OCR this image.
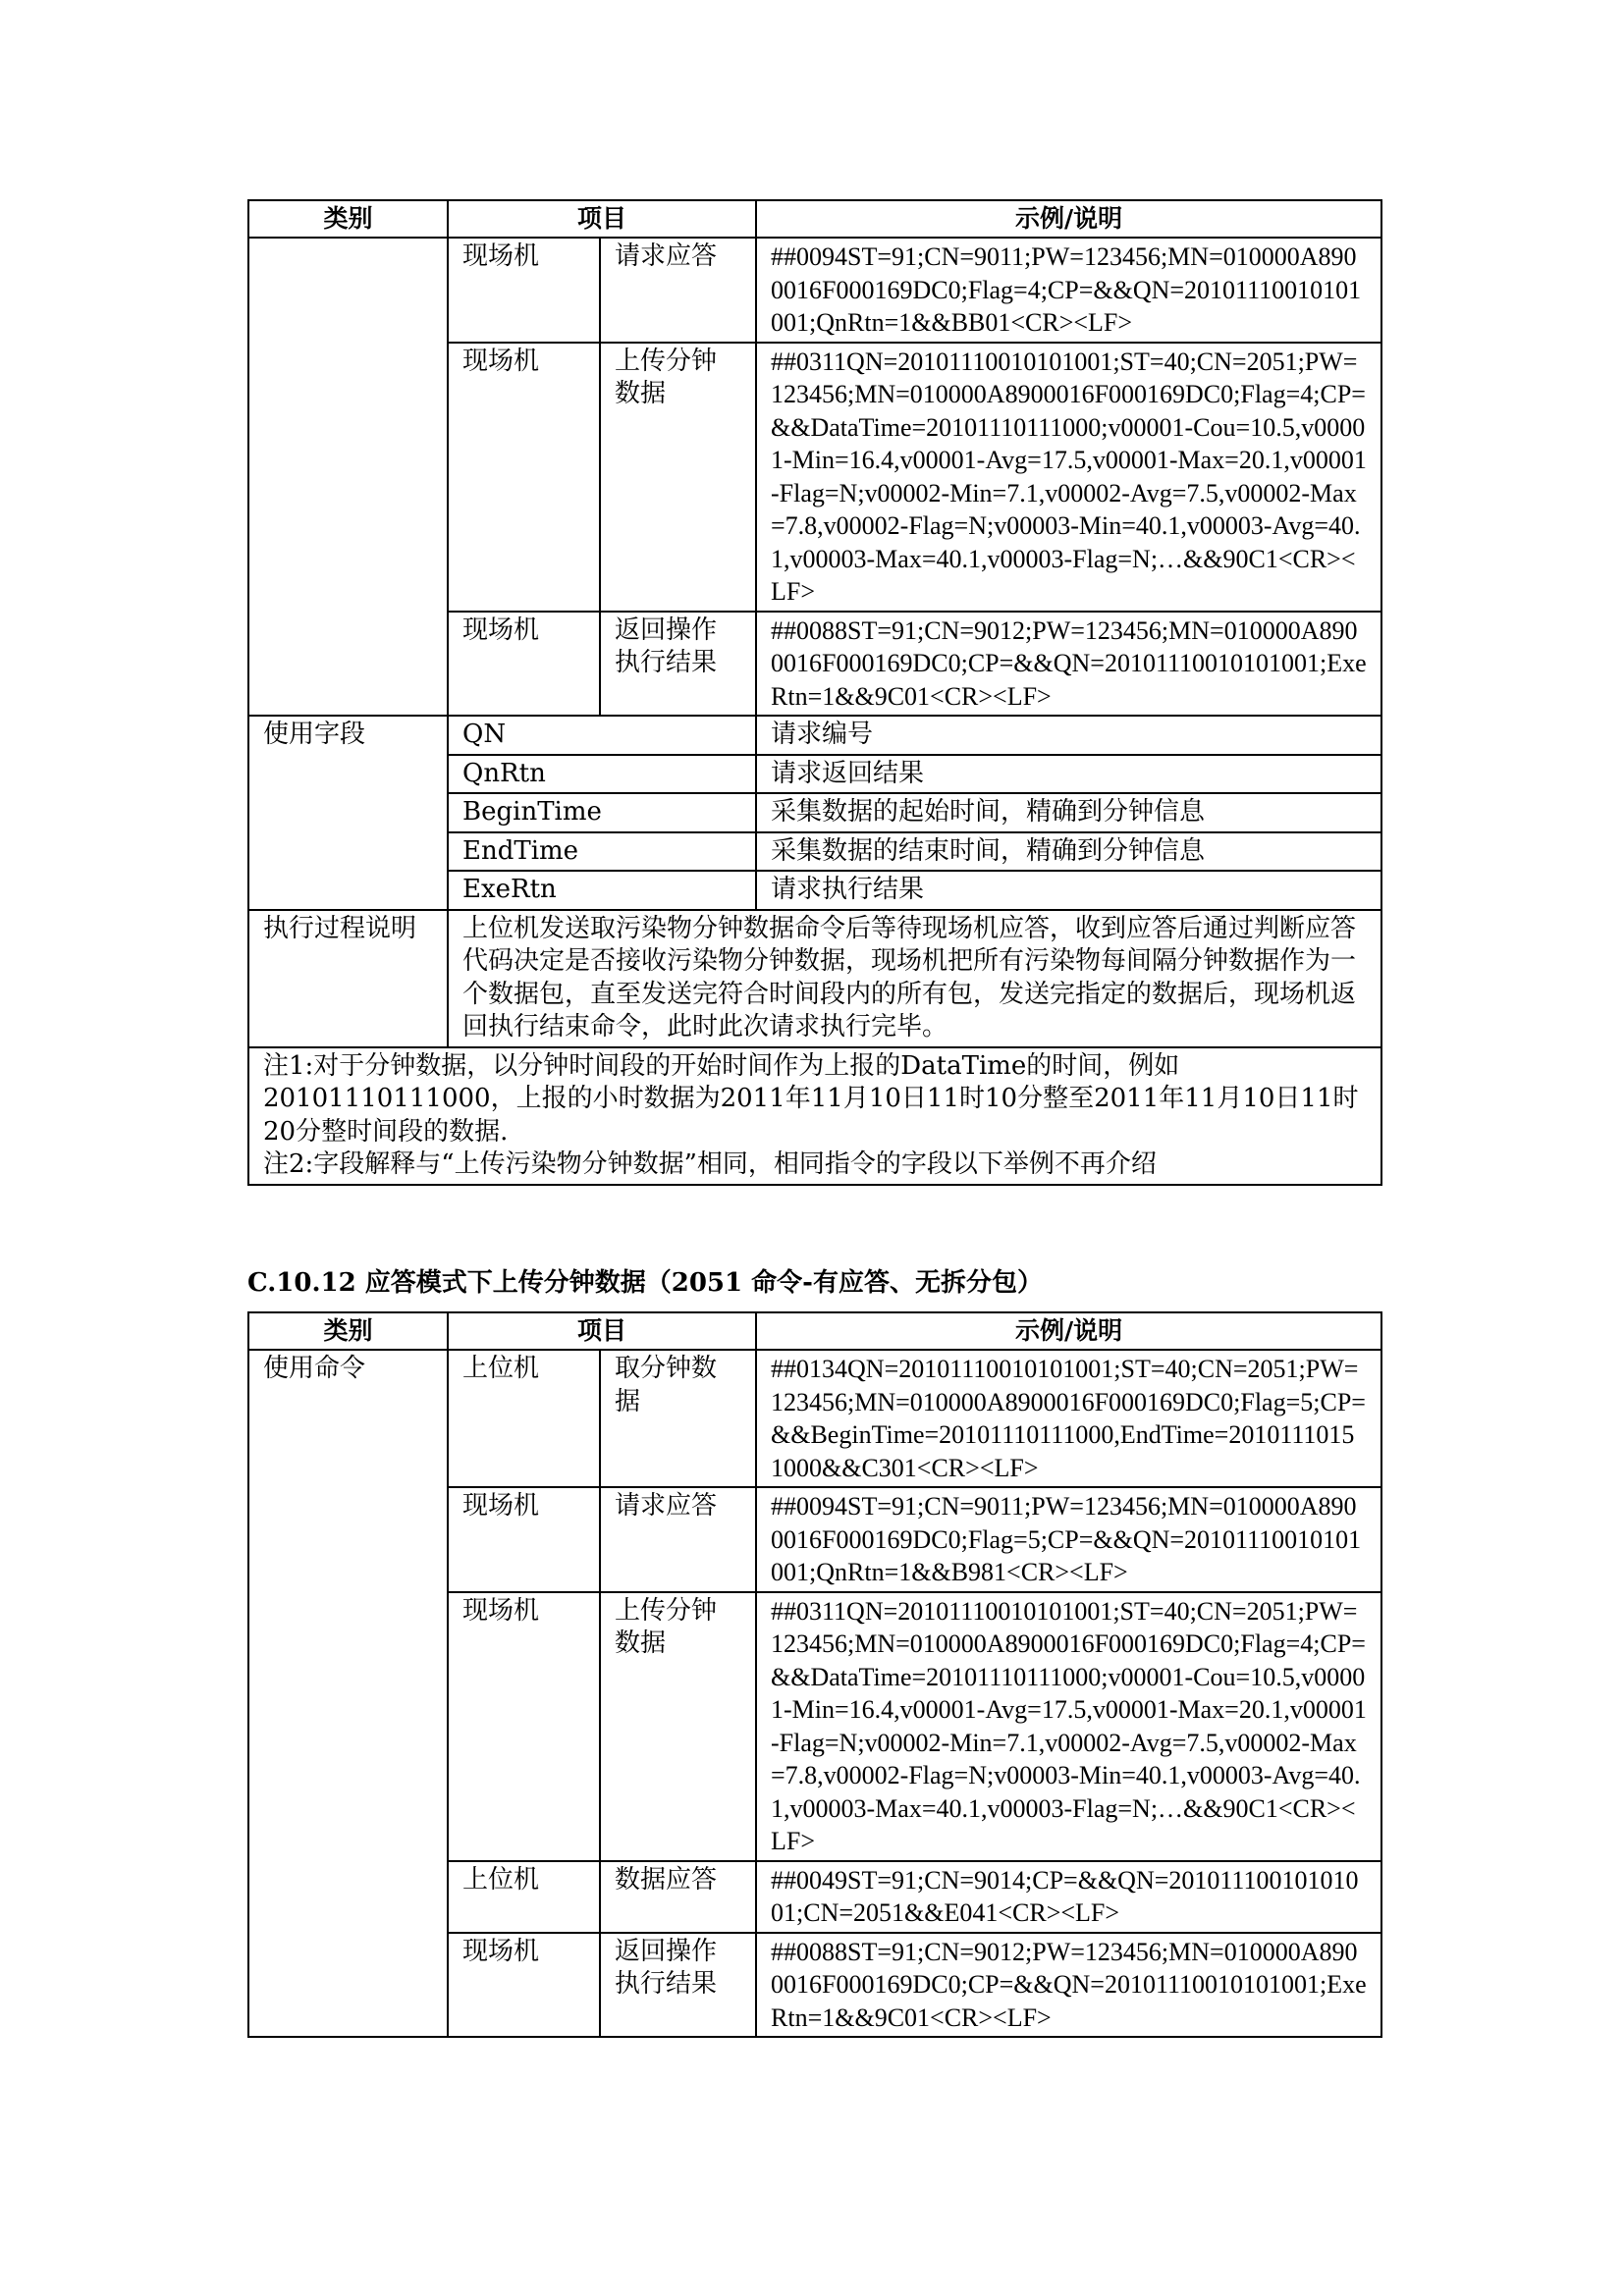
类别	项目		示例/说明
	现场机	请求应答	##0094ST=91;CN=9011;PW=123456;MN=010000A8900016F000169DC0;Flag=4;CP=&&QN=20101110010101001;QnRtn=1&&BB01<CR><LF>
	现场机	上传分钟数据	##0311QN=20101110010101001;ST=40;CN=2051;PW=123456;MN=010000A8900016F000169DC0;Flag=4;CP=&&DataTime=20101110111000;v00001-Cou=10.5,v00001-Min=16.4,v00001-Avg=17.5,v00001-Max=20.1,v00001-Flag=N;v00002-Min=7.1,v00002-Avg=7.5,v00002-Max=7.8,v00002-Flag=N;v00003-Min=40.1,v00003-Avg=40.1,v00003-Max=40.1,v00003-Flag=N;…&&90C1<CR><LF>
	现场机	返回操作执行结果	##0088ST=91;CN=9012;PW=123456;MN=010000A8900016F000169DC0;CP=&&QN=20101110010101001;ExeRtn=1&&9C01<CR><LF>
使用字段	QN		请求编号
	QnRtn		请求返回结果
	BeginTime		采集数据的起始时间，精确到分钟信息
	EndTime		采集数据的结束时间，精确到分钟信息
	ExeRtn		请求执行结果
执行过程说明	上位机发送取污染物分钟数据命令后等待现场机应答，收到应答后通过判断应答代码决定是否接收污染物分钟数据，现场机把所有污染物每间隔分钟数据作为一个数据包，直至发送完符合时间段内的所有包，发送完指定的数据后，现场机返回执行结束命令，此时此次请求执行完毕。		

注1:对于分钟数据，以分钟时间段的开始时间作为上报的DataTime的时间，例如20101110111000，上报的小时数据为2011年11月10日11时10分整至2011年11月10日11时20分整时间段的数据.
注2:字段解释与“上传污染物分钟数据”相同，相同指令的字段以下举例不再介绍			
C.10.12 应答模式下上传分钟数据（2051 命令-有应答、无拆分包）
类别	项目		示例/说明
使用命令	上位机	取分钟数据	##0134QN=20101110010101001;ST=40;CN=2051;PW=123456;MN=010000A8900016F000169DC0;Flag=5;CP=&&BeginTime=20101110111000,EndTime=20101110151000&&C301<CR><LF>
	现场机	请求应答	##0094ST=91;CN=9011;PW=123456;MN=010000A8900016F000169DC0;Flag=5;CP=&&QN=20101110010101001;QnRtn=1&&B981<CR><LF>
	现场机	上传分钟数据	##0311QN=20101110010101001;ST=40;CN=2051;PW=123456;MN=010000A8900016F000169DC0;Flag=4;CP=&&DataTime=20101110111000;v00001-Cou=10.5,v00001-Min=16.4,v00001-Avg=17.5,v00001-Max=20.1,v00001-Flag=N;v00002-Min=7.1,v00002-Avg=7.5,v00002-Max=7.8,v00002-Flag=N;v00003-Min=40.1,v00003-Avg=40.1,v00003-Max=40.1,v00003-Flag=N;…&&90C1<CR><LF>
	上位机	数据应答	##0049ST=91;CN=9014;CP=&&QN=20101110010101001;CN=2051&&E041<CR><LF>
	现场机	返回操作执行结果	##0088ST=91;CN=9012;PW=123456;MN=010000A8900016F000169DC0;CP=&&QN=20101110010101001;ExeRtn=1&&9C01<CR><LF>
